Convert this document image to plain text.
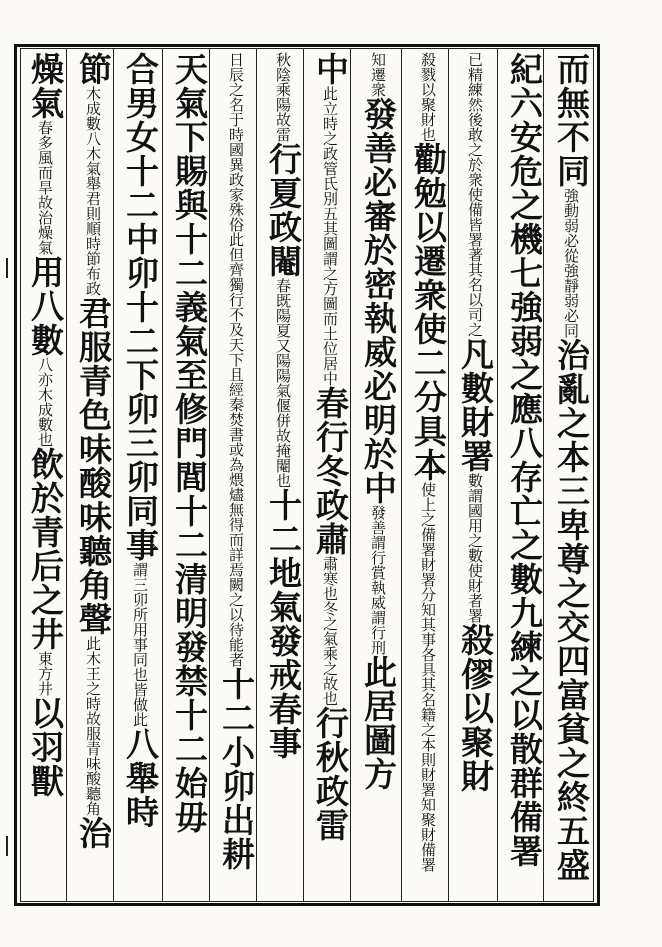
而無不同強動弱必從強靜弱必同治亂之本三卑尊之交四富貧之終五盛
紀六安危之機七強弱之應八存亡之數九練之以散群備署
已精練然後敢之於衆使備皆署著其名以司之凡數財署數謂國用之數使財者署殺僇以聚財
殺戮以聚財也勸勉以遷衆使二分具本使上之備署財署分知其事各具其名籍之本則財署知聚財備署
知遷衆發善必審於密執威必明於中發善謂行賞執威謂行刑此居圖方
中此立時之政管氏別五其圖謂之方圖而土位居中春行冬政肅肅寒也冬之氣乘之故也行秋政雷
秋陰乘陽故雷行夏政閹春既陽夏又陽陽氣偃併故掩閹也十二地氣發戒春事
日辰之名于時國異政家殊俗此但齊獨行不及天下且經秦焚書或為煨燼無得而詳焉闕之以待能者十二小卯出耕
天氣下賜與十二義氣至修門閭十二清明發禁十二始毋
合男女十二中卯十二下卯三卯同事謂三卯所用事同也皆做此八舉時
節木成數八木氣舉君則順時節布政君服青色味酸味聽角聲此木王之時故服青味酸聽角治
燥氣春多風而旱故治燥氣用八數八亦木成數也飲於青后之井東方井以羽獸
